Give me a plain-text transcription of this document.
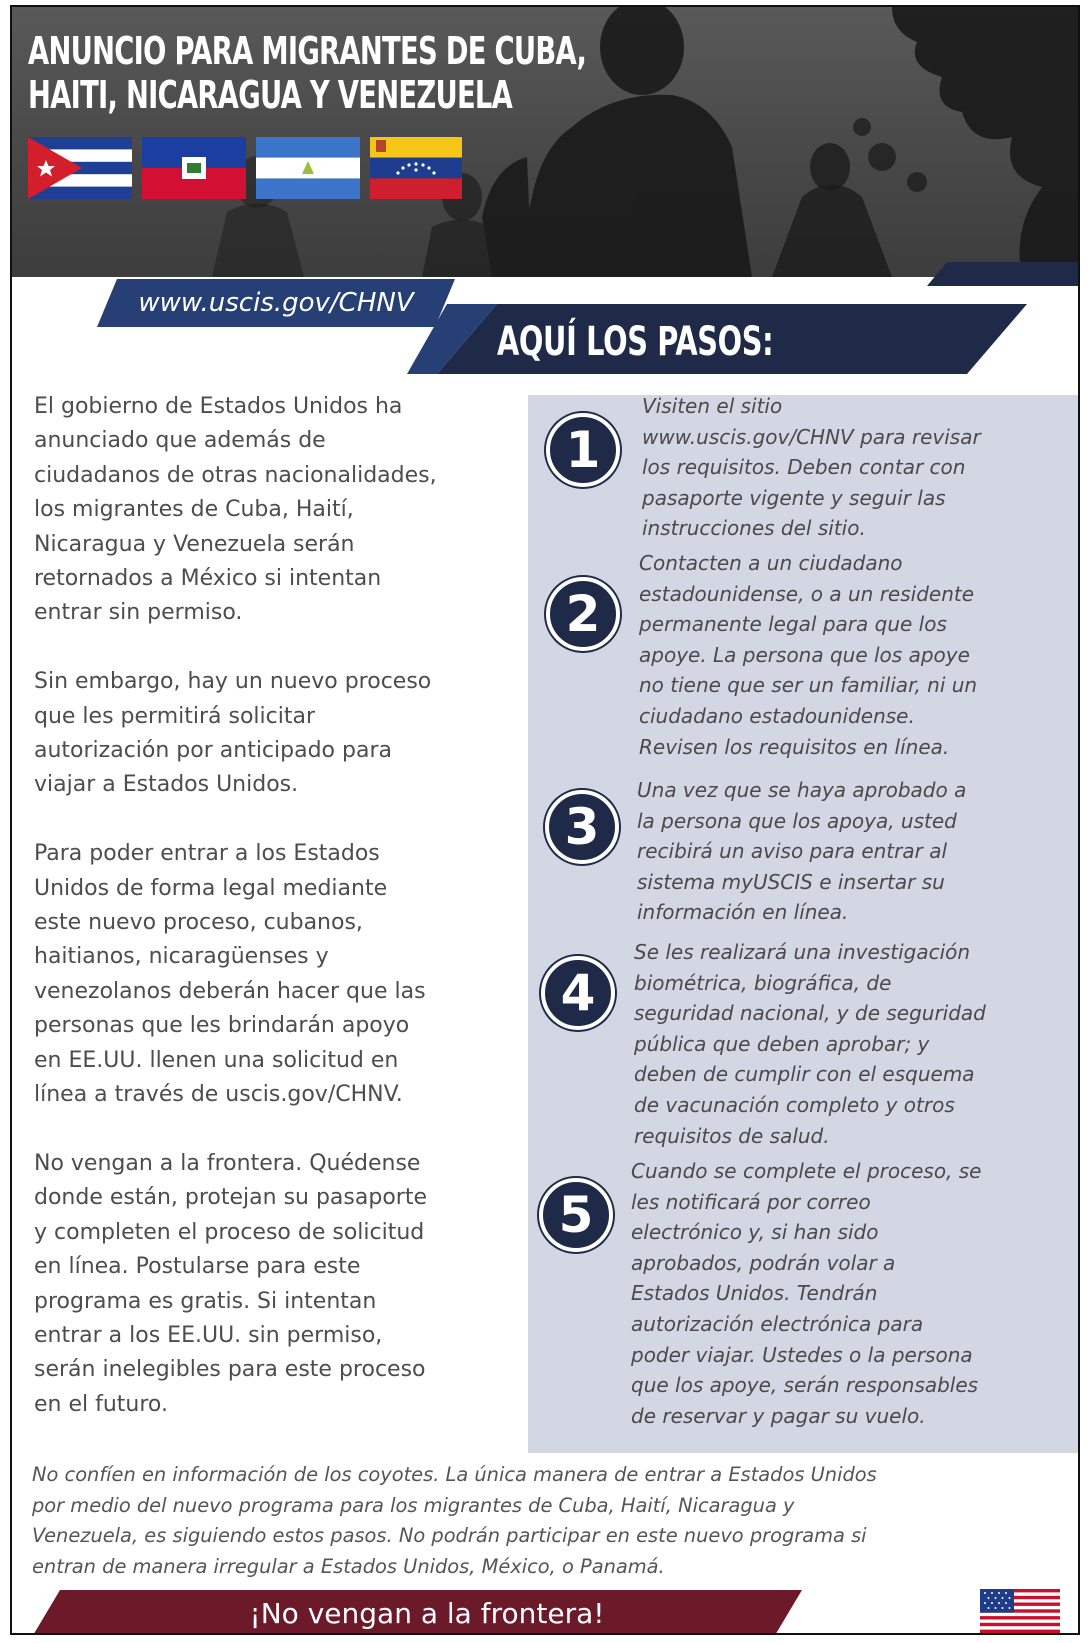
ANUNCIO PARA MIGRANTES DE CUBA,
HAITI, NICARAGUA Y VENEZUELA
www.uscis.gov/CHNV
AQUÍ LOS PASOS:

El gobierno de Estados Unidos ha
anunciado que además de
ciudadanos de otras nacionalidades,
los migrantes de Cuba, Haití,
Nicaragua y Venezuela serán
retornados a México si intentan
entrar sin permiso.

Sin embargo, hay un nuevo proceso
que les permitirá solicitar
autorización por anticipado para
viajar a Estados Unidos.

Para poder entrar a los Estados
Unidos de forma legal mediante
este nuevo proceso, cubanos,
haitianos, nicaragüenses y
venezolanos deberán hacer que las
personas que les brindarán apoyo
en EE.UU. llenen una solicitud en
línea a través de uscis.gov/CHNV.

No vengan a la frontera. Quédense
donde están, protejan su pasaporte
y completen el proceso de solicitud
en línea. Postularse para este
programa es gratis. Si intentan
entrar a los EE.UU. sin permiso,
serán inelegibles para este proceso
en el futuro.

1
Visiten el sitio
www.uscis.gov/CHNV para revisar
los requisitos. Deben contar con
pasaporte vigente y seguir las
instrucciones del sitio.
2
Contacten a un ciudadano
estadounidense, o a un residente
permanente legal para que los
apoye. La persona que los apoye
no tiene que ser un familiar, ni un
ciudadano estadounidense.
Revisen los requisitos en línea.
3
Una vez que se haya aprobado a
la persona que los apoya, usted
recibirá un aviso para entrar al
sistema myUSCIS e insertar su
información en línea.
4
Se les realizará una investigación
biométrica, biográfica, de
seguridad nacional, y de seguridad
pública que deben aprobar; y
deben de cumplir con el esquema
de vacunación completo y otros
requisitos de salud.
5
Cuando se complete el proceso, se
les notificará por correo
electrónico y, si han sido
aprobados, podrán volar a
Estados Unidos. Tendrán
autorización electrónica para
poder viajar. Ustedes o la persona
que los apoye, serán responsables
de reservar y pagar su vuelo.
No confíen en información de los coyotes. La única manera de entrar a Estados Unidos
por medio del nuevo programa para los migrantes de Cuba, Haití, Nicaragua y
Venezuela, es siguiendo estos pasos. No podrán participar en este nuevo programa si
entran de manera irregular a Estados Unidos, México, o Panamá.
¡No vengan a la frontera!
